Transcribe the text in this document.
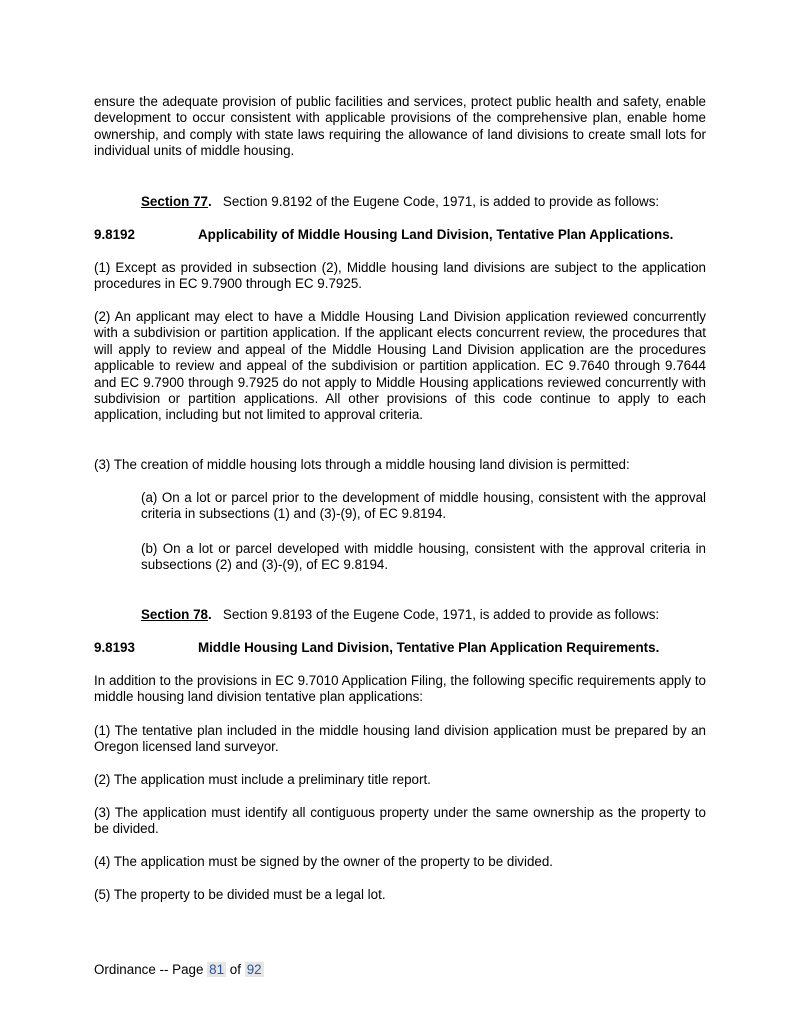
ensure the adequate provision of public facilities and services, protect public health and safety, enable development to occur consistent with applicable provisions of the comprehensive plan, enable home ownership, and comply with state laws requiring the allowance of land divisions to create small lots for individual units of middle housing.

Section 77. Section 9.8192 of the Eugene Code, 1971, is added to provide as follows:

9.8192	Applicability of Middle Housing Land Division, Tentative Plan Applications.

(1) Except as provided in subsection (2), Middle housing land divisions are subject to the application procedures in EC 9.7900 through EC 9.7925.

(2) An applicant may elect to have a Middle Housing Land Division application reviewed concurrently with a subdivision or partition application. If the applicant elects concurrent review, the procedures that will apply to review and appeal of the Middle Housing Land Division application are the procedures applicable to review and appeal of the subdivision or partition application. EC 9.7640 through 9.7644 and EC 9.7900 through 9.7925 do not apply to Middle Housing applications reviewed concurrently with subdivision or partition applications. All other provisions of this code continue to apply to each application, including but not limited to approval criteria.

(3) The creation of middle housing lots through a middle housing land division is permitted:

(a) On a lot or parcel prior to the development of middle housing, consistent with the approval criteria in subsections (1) and (3)-(9), of EC 9.8194.

(b) On a lot or parcel developed with middle housing, consistent with the approval criteria in subsections (2) and (3)-(9), of EC 9.8194.

Section 78. Section 9.8193 of the Eugene Code, 1971, is added to provide as follows:

9.8193	Middle Housing Land Division, Tentative Plan Application Requirements.

In addition to the provisions in EC 9.7010 Application Filing, the following specific requirements apply to middle housing land division tentative plan applications:

(1) The tentative plan included in the middle housing land division application must be prepared by an Oregon licensed land surveyor.

(2) The application must include a preliminary title report.

(3) The application must identify all contiguous property under the same ownership as the property to be divided.

(4) The application must be signed by the owner of the property to be divided.

(5) The property to be divided must be a legal lot.

Ordinance -- Page 81 of 92
